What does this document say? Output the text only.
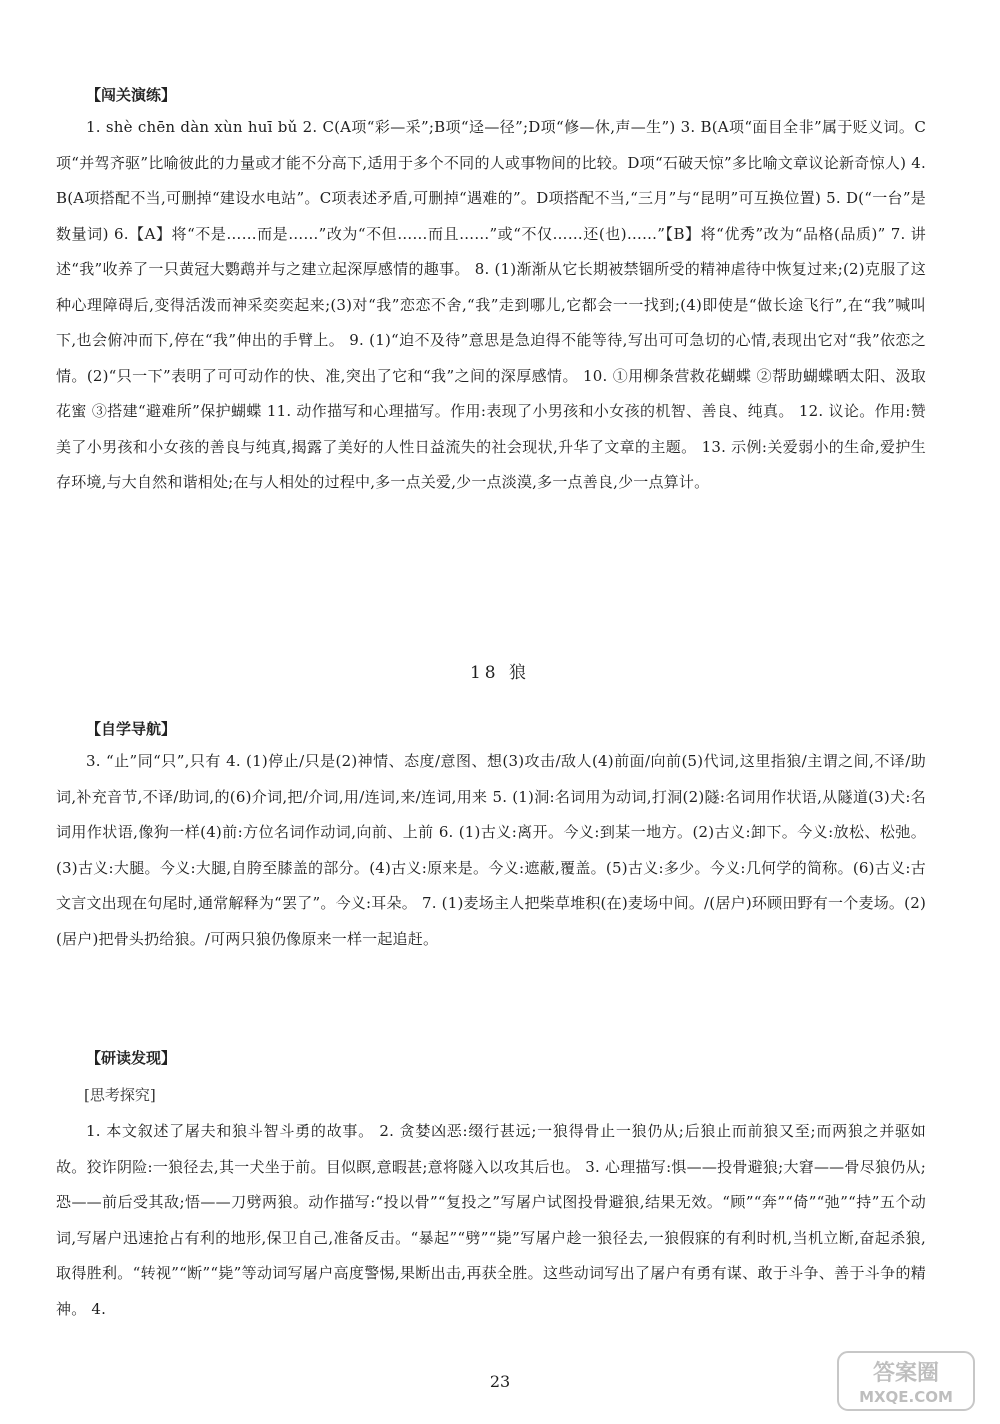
【闯关演练】
1. shè chēn dàn xùn huī bǔ 2. C(A项“彩—采”;B项“迳—径”;D项“修—休,声—生”) 3. B(A项“面目全非”属于贬义词。C项“并驾齐驱”比喻彼此的力量或才能不分高下,适用于多个不同的人或事物间的比较。D项“石破天惊”多比喻文章议论新奇惊人) 4. B(A项搭配不当,可删掉“建设水电站”。C项表述矛盾,可删掉“遇难的”。D项搭配不当,“三月”与“昆明”可互换位置) 5. D(“一台”是数量词) 6.【A】将“不是……而是……”改为“不但……而且……”或“不仅……还(也)……”【B】将“优秀”改为“品格(品质)” 7. 讲述“我”收养了一只黄冠大鹦鹉并与之建立起深厚感情的趣事。 8. (1)渐渐从它长期被禁锢所受的精神虐待中恢复过来;(2)克服了这种心理障碍后,变得活泼而神采奕奕起来;(3)对“我”恋恋不舍,“我”走到哪儿,它都会一一找到;(4)即使是“做长途飞行”,在“我”喊叫下,也会俯冲而下,停在“我”伸出的手臂上。 9. (1)“迫不及待”意思是急迫得不能等待,写出可可急切的心情,表现出它对“我”依恋之情。(2)“只一下”表明了可可动作的快、准,突出了它和“我”之间的深厚感情。 10. ①用柳条营救花蝴蝶 ②帮助蝴蝶晒太阳、汲取花蜜 ③搭建“避难所”保护蝴蝶 11. 动作描写和心理描写。作用:表现了小男孩和小女孩的机智、善良、纯真。 12. 议论。作用:赞美了小男孩和小女孩的善良与纯真,揭露了美好的人性日益流失的社会现状,升华了文章的主题。 13. 示例:关爱弱小的生命,爱护生存环境,与大自然和谐相处;在与人相处的过程中,多一点关爱,少一点淡漠,多一点善良,少一点算计。
18 狼
【自学导航】
3. “止”同“只”,只有 4. (1)停止/只是(2)神情、态度/意图、想(3)攻击/敌人(4)前面/向前(5)代词,这里指狼/主谓之间,不译/助词,补充音节,不译/助词,的(6)介词,把/介词,用/连词,来/连词,用来 5. (1)洞:名词用为动词,打洞(2)隧:名词用作状语,从隧道(3)犬:名词用作状语,像狗一样(4)前:方位名词作动词,向前、上前 6. (1)古义:离开。今义:到某一地方。(2)古义:卸下。今义:放松、松弛。(3)古义:大腿。今义:大腿,自胯至膝盖的部分。(4)古义:原来是。今义:遮蔽,覆盖。(5)古义:多少。今义:几何学的简称。(6)古义:古文言文出现在句尾时,通常解释为“罢了”。今义:耳朵。 7. (1)麦场主人把柴草堆积(在)麦场中间。/(居户)环顾田野有一个麦场。(2)(居户)把骨头扔给狼。/可两只狼仍像原来一样一起追赶。
【研读发现】
[思考探究]
1. 本文叙述了屠夫和狼斗智斗勇的故事。 2. 贪婪凶恶:缀行甚远;一狼得骨止一狼仍从;后狼止而前狼又至;而两狼之并驱如故。狡诈阴险:一狼径去,其一犬坐于前。目似瞑,意暇甚;意将隧入以攻其后也。 3. 心理描写:惧——投骨避狼;大窘——骨尽狼仍从;恐——前后受其敌;悟——刀劈两狼。动作描写:“投以骨”“复投之”写屠户试图投骨避狼,结果无效。“顾”“奔”“倚”“弛”“持”五个动词,写屠户迅速抢占有利的地形,保卫自己,准备反击。“暴起”“劈”“毙”写屠户趁一狼径去,一狼假寐的有利时机,当机立断,奋起杀狼,取得胜利。“转视”“断”“毙”等动词写屠户高度警惕,果断出击,再获全胜。这些动词写出了屠户有勇有谋、敢于斗争、善于斗争的精神。 4.
23	答案圈
MXQE.COM
